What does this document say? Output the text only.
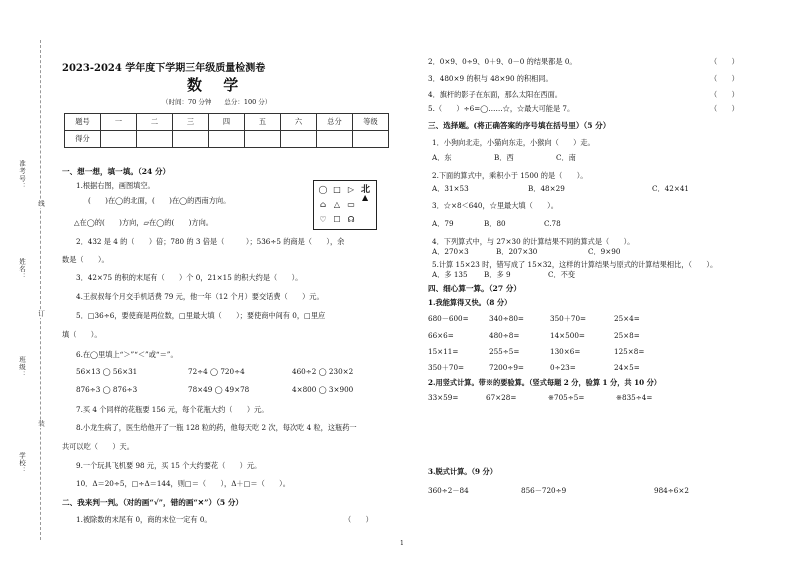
准考号：
姓名：
班级：
学校：
线
订
装
2023-2024 学年度下学期三年级质量检测卷
数 学
（时间：70 分钟　　总分：100 分）
题号	一	二	三	四	五	六	总分	等级
得分								
一、想一想，填一填。（24 分）
1.根据右图，画图填空。
(　　)在◯的北面，(　　)在◯的西南方向。
△在◯的(　　)方向，▱在◯的(　　)方向。
◯ □ ▷
⌂ △ ▭
♡ ☐ ☊
北
▲
2．432 是 4 的（　　）倍；780 的 3 倍是（　　　）；536÷5 的商是（　　），余
数是（　　）。
3．42×75 的积的末尾有（　　）个 0，21×15 的积大约是（　　）。
4.王叔叔每个月交手机话费 79 元，他一年（12 个月）要交话费（　　）元。
5．□36÷6，要使商是两位数，□里最大填（　　）；要使商中间有 0，□里应
填（　　）。
6.在◯里填上“＞”“＜”或“＝”。
56×13 ◯ 56×31	72÷4 ◯ 720÷4	460÷2 ◯ 230×2
876÷3 ◯ 876÷3	78×49 ◯ 49×78	4×800 ◯ 3×900
7.买 4 个同样的花瓶要 156 元，每个花瓶大约（　　）元。
8.小龙生病了，医生给他开了一瓶 128 粒的药，他每天吃 2 次，每次吃 4 粒，这瓶药一
共可以吃（　　）天。
9.一个玩具飞机要 98 元，买 15 个大约要花（　　）元。
10．Δ＝20÷5，□÷Δ＝144，则□＝（　　），Δ＋□＝（　　）。
二、我来判一判。（对的画“√”，错的画“✕”）（5 分）
1.被除数的末尾有 0，商的末位一定有 0。	（　　）
1
2．0×9、0÷9、0＋9、0－0 的结果都是 0。	（　　）
3．480×9 的积与 48×90 的积相同。	（　　）
4．旗杆的影子在东面，那么太阳在西面。	（　　）
5.（　　）÷6=◯……☆，☆最大可能是 7。	（　　）
三、选择题。(将正确答案的序号填在括号里）（5 分）
1．小狗向北走，小猫向东走，小猴向（　　）走。
A．东	B．西	C．南
2.下面的算式中，乘积小于 1500 的是（　　）。
A．31×53	B．48×29	C．42×41
3．☆×8＜640，☆里最大填（　　）。
A．79	B．80	C.78
4．下列算式中，与 27×30 的计算结果不同的算式是（　　）。
A．270×3	B．207×30	C．9×90
5.计算 15×23 时，错写成了 15×32，这样的计算结果与原式的计算结果相比，（　　）。
A．多 135 B．多 9	C．不变
四、细心算一算。（27 分）
1.我能算得又快。（8 分）
680－600=	340÷80=	350＋70=	25×4=
66×6=	480÷8=	14×500=	25×8=
15×11=	255÷5=	130×6=	125×8=
350＋70=	7200÷9=	0÷23=	24×5=
2.用竖式计算。带※的要验算。（竖式每题 2 分，验算 1 分，共 10 分）
33×59=	67×28=	※705÷5=	※835÷4=
3.脱式计算。（9 分）
360÷2－84	856－720÷9	984÷6×2
